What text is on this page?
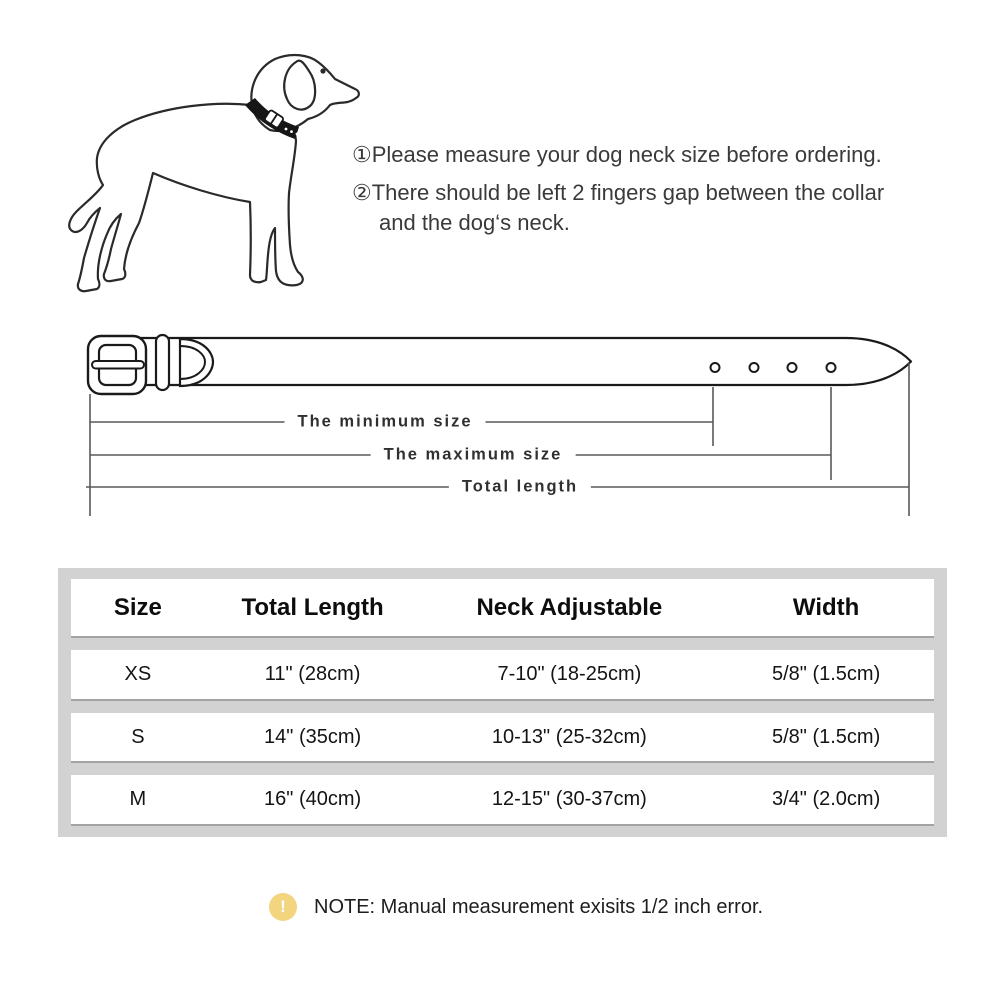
①Please measure your dog neck size before ordering.
②There should be left 2 fingers gap between the collar and the dog‘s neck.
The minimum size
The maximum size
Total length
Size	Total Length	Neck Adjustable	Width
XS	11" (28cm)	7-10" (18-25cm)	5/8" (1.5cm)
S	14" (35cm)	10-13" (25-32cm)	5/8" (1.5cm)
M	16" (40cm)	12-15" (30-37cm)	3/4" (2.0cm)
!	NOTE: Manual measurement exisits 1/2 inch error.
